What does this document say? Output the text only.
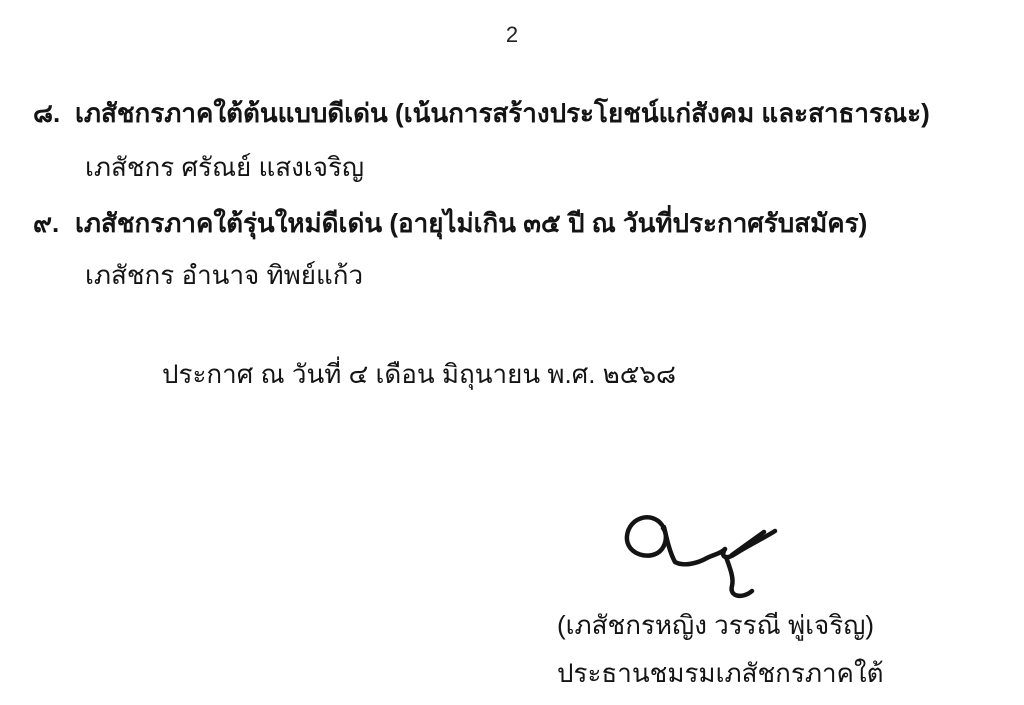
2
๘. เภสัชกรภาคใต้ต้นแบบดีเด่น (เน้นการสร้างประโยชน์แก่สังคม และสาธารณะ)
เภสัชกร ศรัณย์ แสงเจริญ
๙. เภสัชกรภาคใต้รุ่นใหม่ดีเด่น (อายุไม่เกิน ๓๕ ปี ณ วันที่ประกาศรับสมัคร)
เภสัชกร อำนาจ ทิพย์แก้ว
ประกาศ ณ วันที่ ๔ เดือน มิถุนายน พ.ศ. ๒๕๖๘
(เภสัชกรหญิง วรรณี พู่เจริญ)
ประธานชมรมเภสัชกรภาคใต้
